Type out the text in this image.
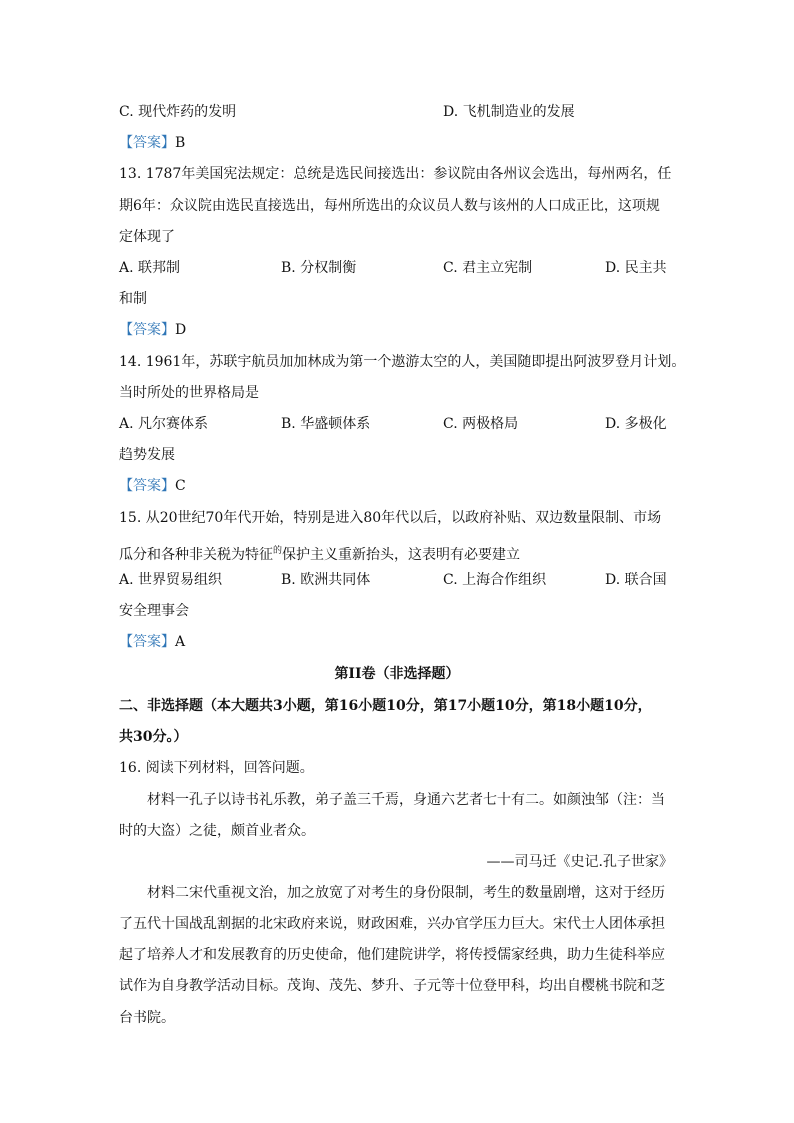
C. 现代炸药的发明	D. 飞机制造业的发展
【答案】B
13. 1787年美国宪法规定：总统是选民间接选出：参议院由各州议会选出，每州两名，任
期6年：众议院由选民直接选出，每州所选出的众议员人数与该州的人口成正比，这项规
定体现了
A. 联邦制	B. 分权制衡	C. 君主立宪制	D. 民主共
和制
【答案】D
14. 1961年，苏联宇航员加加林成为第一个遨游太空的人，美国随即提出阿波罗登月计划。
当时所处的世界格局是
A. 凡尔赛体系	B. 华盛顿体系	C. 两极格局	D. 多极化
趋势发展
【答案】C
15. 从20世纪70年代开始，特别是进入80年代以后，以政府补贴、双边数量限制、市场
瓜分和各种非关税为特征$^的$保护主义重新抬头，这表明有必要建立
A. 世界贸易组织	B. 欧洲共同体	C. 上海合作组织	D. 联合国
安全理事会
【答案】A
第II卷（非选择题）
二、非选择题（本大题共3小题，第16小题10分，第17小题10分，第18小题10分，
共30分。）
16. 阅读下列材料，回答问题。
材料一孔子以诗书礼乐教，弟子盖三千焉，身通六艺者七十有二。如颜浊邹（注：当
时的大盗）之徒，颇首业者众。
——司马迁《史记.孔子世家》
材料二宋代重视文治，加之放宽了对考生的身份限制，考生的数量剧增，这对于经历
了五代十国战乱割据的北宋政府来说，财政困难，兴办官学压力巨大。宋代士人团体承担
起了培养人才和发展教育的历史使命，他们建院讲学，将传授儒家经典，助力生徒科举应
试作为自身教学活动目标。茂询、茂先、梦升、子元等十位登甲科，均出自樱桃书院和芝
台书院。
